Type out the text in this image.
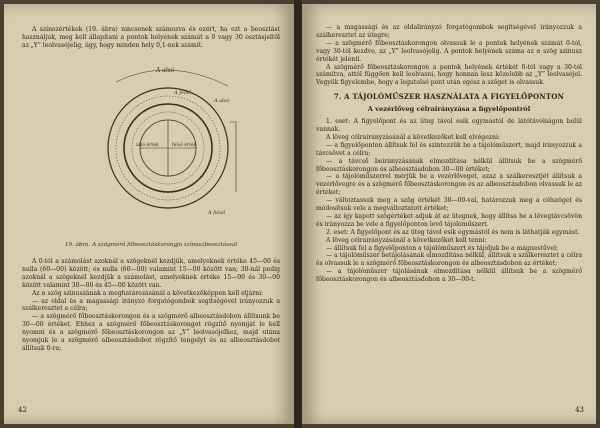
A színezértékek (19. ábra) nincsenek számozva és ezért, ha ezt a beosztást használjuk, meg kell állapítani a pontok helyének számát a 0 vagy 30 osztásjeltől az „Y” leolvasójelig, úgy, hogy minden hely 0,1-nek számít.

A alsó
A felső
alsó érték	felső érték
A alsó
A felső
19. ábra. A szögmérő főbeosztáskorongja színuszbeosztással

A 0-tól a számolást azoknál a szögeknél kezdjük, amelyeknek értéke 45—00 és nulla (60—00) között; és nulla (60—00) valamint 15—00 között van; 30-nál pedig azoknál a szögeknél kezdjük a számolást, amelyeknek értéke 15—00 és 30—00 között valamint 30—00 és 45—00 között van.

Az α szög szinuszának a meghatározásánál a következőképpen kell eljárni:

— az oldal és a magassági irányzó forgatógombok segítségével irányozzuk a szálkeresztet a célra;

— a szögmérő főbeosztáskorongon és a szögmérő albeosztásdobon állítsunk be 30—00 értéket. Ehhez a szögmérő főbeosztáskorongot rögzítő nyomját le kell nyomni és a szögmérő főbeosztáskorongon az „Y” leolvasójelhez, majd utána nyomjuk le a szögmérő albeosztásdobot rögzítő tengelyt és az albeosztásdobot állítsuk 0-ra;

42

— a magassági és az oldalirányzó forgatógombok segítségével irányozzuk a szálkeresztet az útegre;

— a szögmérő főbeosztáskorongon olvassuk le a pontok helyének számát 0-tól, vagy 30-tól kezdve, az „Y” leolvasójelig. A pontok helyének száma az α szög szinusz értékét jelenti.

A szögmérő főbeosztáskorongon a pontok helyének értékét 0-tól vagy a 30-tól számítva, attól függően kell leolvasni, hogy honnan lesz közelebb az „Y” leolvasójel. Vegyük figyelembe, hogy a legutolsó pont után egész a szöget is olvassuk.

7. A TÁJOLÓMŰSZER HASZNÁLATA A FIGYELŐPONTON
A vezérlőveg célrairányzása a figyelőpontról

1. eset: A figyelőpont és az üteg távol esik egymástól de látótávolságon belül vannak.

A löveg célrairányzásánál a következőket kell elvégezni:

— a figyelőponton állítsuk fel és szintezzük be a tájolóműszert, majd irányozzuk a távcsövet a célra;

— a távcső beirányzásának elmozdítása nélkül állítsuk be a szögmérő főbeosztáskorongon és albeosztásdobon 30—00 értéket;

— a tájolóműszerrel mérjük be a vezérlőveget, azaz a szálkeresztjét állítsuk a vezérlővegre és a szögmérő főbeosztáskorongon és az albeosztásdobon olvassuk le az értéket;

— változtassuk meg a szög értékét 30—00-val, határozzuk meg a célszöget és módosítsuk vele a megváltoztatott értéket;

— az így kapott szögértéket adjuk át az ütegnek, hogy állítsa be a lövegtávcsövön és irányozza be vele a figyelőponton levő tájolóműszert.

2. eset: A figyelőpont és az üteg távol esik egymástól és nem is láthatják egymást.

A löveg célrairányzásánál a következőket kell tenni:

— állítsuk fel a figyelőponton a tájolóműszert és tájoljuk be a mágnestűvel;

— a tájolóműszer betájolásának elmozdítása nélkül, állítsuk a szálkeresztet a célra és olvassuk le a szögmérő főbeosztáskorongon és albeosztásdobon az értéket;

— a tájolóműszer tájolásának elmozdítása nélkül állítsuk be a szögmérő főbeosztáskorongon és albeosztásdobon a 30—00-t.

43
